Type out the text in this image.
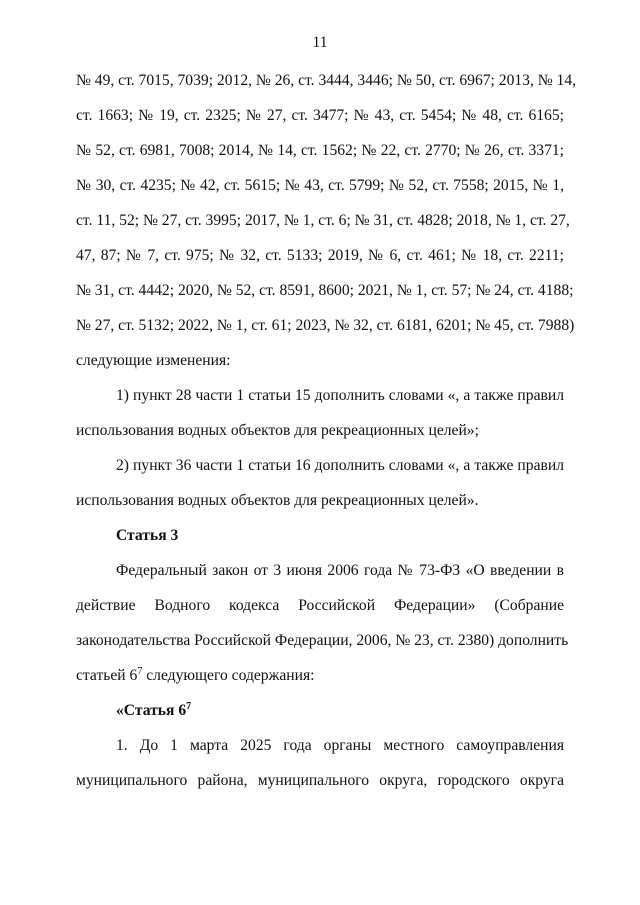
11

№ 49, ст. 7015, 7039; 2012, № 26, ст. 3444, 3446; № 50, ст. 6967; 2013, № 14,

ст. 1663; № 19, ст. 2325; № 27, ст. 3477; № 43, ст. 5454; № 48, ст. 6165;

№ 52, ст. 6981, 7008; 2014, № 14, ст. 1562; № 22, ст. 2770; № 26, ст. 3371;

№ 30, ст. 4235; № 42, ст. 5615; № 43, ст. 5799; № 52, ст. 7558; 2015, № 1,

ст. 11, 52; № 27, ст. 3995; 2017, № 1, ст. 6; № 31, ст. 4828; 2018, № 1, ст. 27,

47, 87; № 7, ст. 975; № 32, ст. 5133; 2019, № 6, ст. 461; № 18, ст. 2211;

№ 31, ст. 4442; 2020, № 52, ст. 8591, 8600; 2021, № 1, ст. 57; № 24, ст. 4188;

№ 27, ст. 5132; 2022, № 1, ст. 61; 2023, № 32, ст. 6181, 6201; № 45, ст. 7988)

следующие изменения:

1) пункт 28 части 1 статьи 15 дополнить словами «, а также правил

использования водных объектов для рекреационных целей»;

2) пункт 36 части 1 статьи 16 дополнить словами «, а также правил

использования водных объектов для рекреационных целей».

Статья 3

Федеральный закон от 3 июня 2006 года № 73-ФЗ «О введении в

действие Водного кодекса Российской Федерации» (Собрание

законодательства Российской Федерации, 2006, № 23, ст. 2380) дополнить

статьей $6^7$ следующего содержания:

«Статья $6^7$

1. До 1 марта 2025 года органы местного самоуправления

муниципального района, муниципального округа, городского округа
